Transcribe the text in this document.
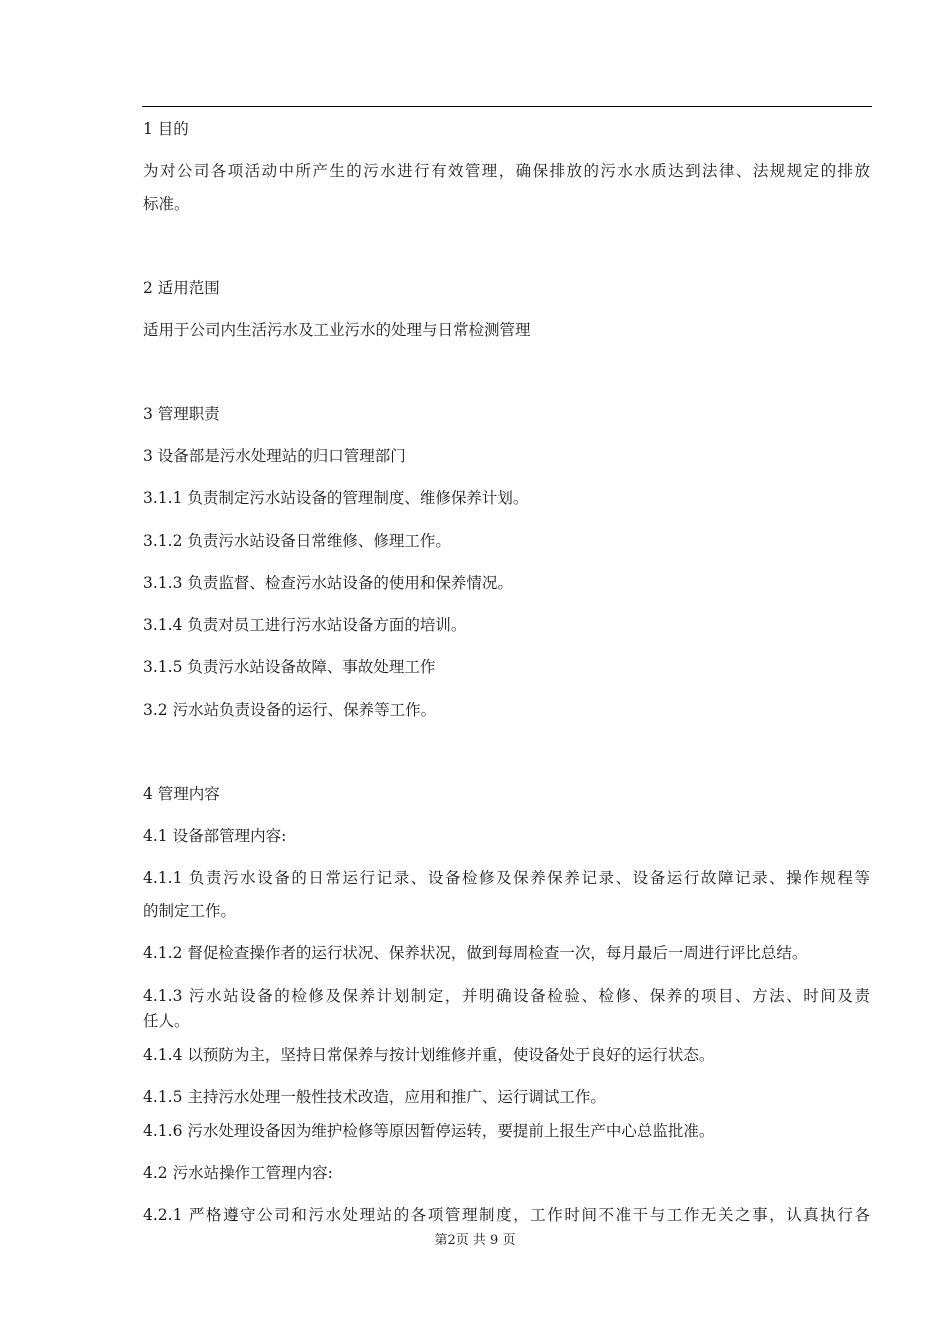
1 目的
为对公司各项活动中所产生的污水进行有效管理，确保排放的污水水质达到法律、法规规定的排放
标准。
2 适用范围
适用于公司内生活污水及工业污水的处理与日常检测管理
3 管理职责
3 设备部是污水处理站的归口管理部门
3.1.1 负责制定污水站设备的管理制度、维修保养计划。
3.1.2 负责污水站设备日常维修、修理工作。
3.1.3 负责监督、检查污水站设备的使用和保养情况。
3.1.4 负责对员工进行污水站设备方面的培训。
3.1.5 负责污水站设备故障、事故处理工作
3.2 污水站负责设备的运行、保养等工作。
4 管理内容
4.1 设备部管理内容:
4.1.1 负责污水设备的日常运行记录、设备检修及保养保养记录、设备运行故障记录、操作规程等
的制定工作。
4.1.2 督促检查操作者的运行状况、保养状况，做到每周检查一次，每月最后一周进行评比总结。
4.1.3 污水站设备的检修及保养计划制定，并明确设备检验、检修、保养的项目、方法、时间及责
任人。
4.1.4 以预防为主，坚持日常保养与按计划维修并重，使设备处于良好的运行状态。
4.1.5 主持污水处理一般性技术改造，应用和推广、运行调试工作。
4.1.6 污水处理设备因为维护检修等原因暂停运转，要提前上报生产中心总监批准。
4.2 污水站操作工管理内容:
4.2.1 严格遵守公司和污水处理站的各项管理制度，工作时间不准干与工作无关之事，认真执行各
第2页 共 9 页
